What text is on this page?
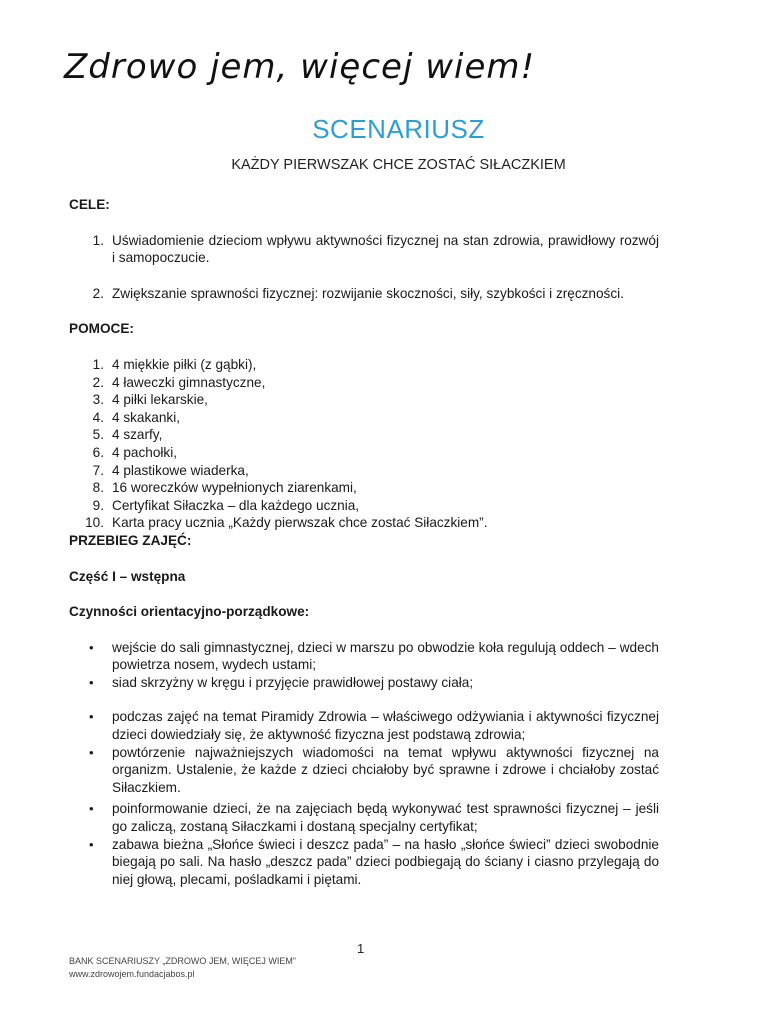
Zdrowo jem, więcej wiem!
SCENARIUSZ
KAŻDY PIERWSZAK CHCE ZOSTAĆ SIŁACZKIEM
CELE:
1. Uświadomienie dzieciom wpływu aktywności fizycznej na stan zdrowia, prawidłowy rozwój i samopoczucie.
2. Zwiększanie sprawności fizycznej: rozwijanie skoczności, siły, szybkości i zręczności.
POMOCE:
1. 4 miękkie piłki (z gąbki),
2. 4 ławeczki gimnastyczne,
3. 4 piłki lekarskie,
4. 4 skakanki,
5. 4 szarfy,
6. 4 pachołki,
7. 4 plastikowe wiaderka,
8. 16 woreczków wypełnionych ziarenkami,
9. Certyfikat Siłaczka – dla każdego ucznia,
10. Karta pracy ucznia „Każdy pierwszak chce zostać Siłaczkiem”.
PRZEBIEG ZAJĘĆ:
Część I – wstępna
Czynności orientacyjno-porządkowe:
• wejście do sali gimnastycznej, dzieci w marszu po obwodzie koła regulują oddech – wdech powietrza nosem, wydech ustami;
• siad skrzyżny w kręgu i przyjęcie prawidłowej postawy ciała;
• podczas zajęć na temat Piramidy Zdrowia – właściwego odżywiania i aktywności fizycznej dzieci dowiedziały się, że aktywność fizyczna jest podstawą zdrowia;
• powtórzenie najważniejszych wiadomości na temat wpływu aktywności fizycznej na organizm. Ustalenie, że każde z dzieci chciałoby być sprawne i zdrowe i chciałoby zostać Siłaczkiem.
• poinformowanie dzieci, że na zajęciach będą wykonywać test sprawności fizycznej – jeśli go zaliczą, zostaną Siłaczkami i dostaną specjalny certyfikat;
• zabawa bieżna „Słońce świeci i deszcz pada” – na hasło „słońce świeci” dzieci swobodnie biegają po sali. Na hasło „deszcz pada” dzieci podbiegają do ściany i ciasno przylegają do niej głową, plecami, pośladkami i piętami.
1
BANK SCENARIUSZY „ZDROWO JEM, WIĘCEJ WIEM”
www.zdrowojem.fundacjabos.pl
